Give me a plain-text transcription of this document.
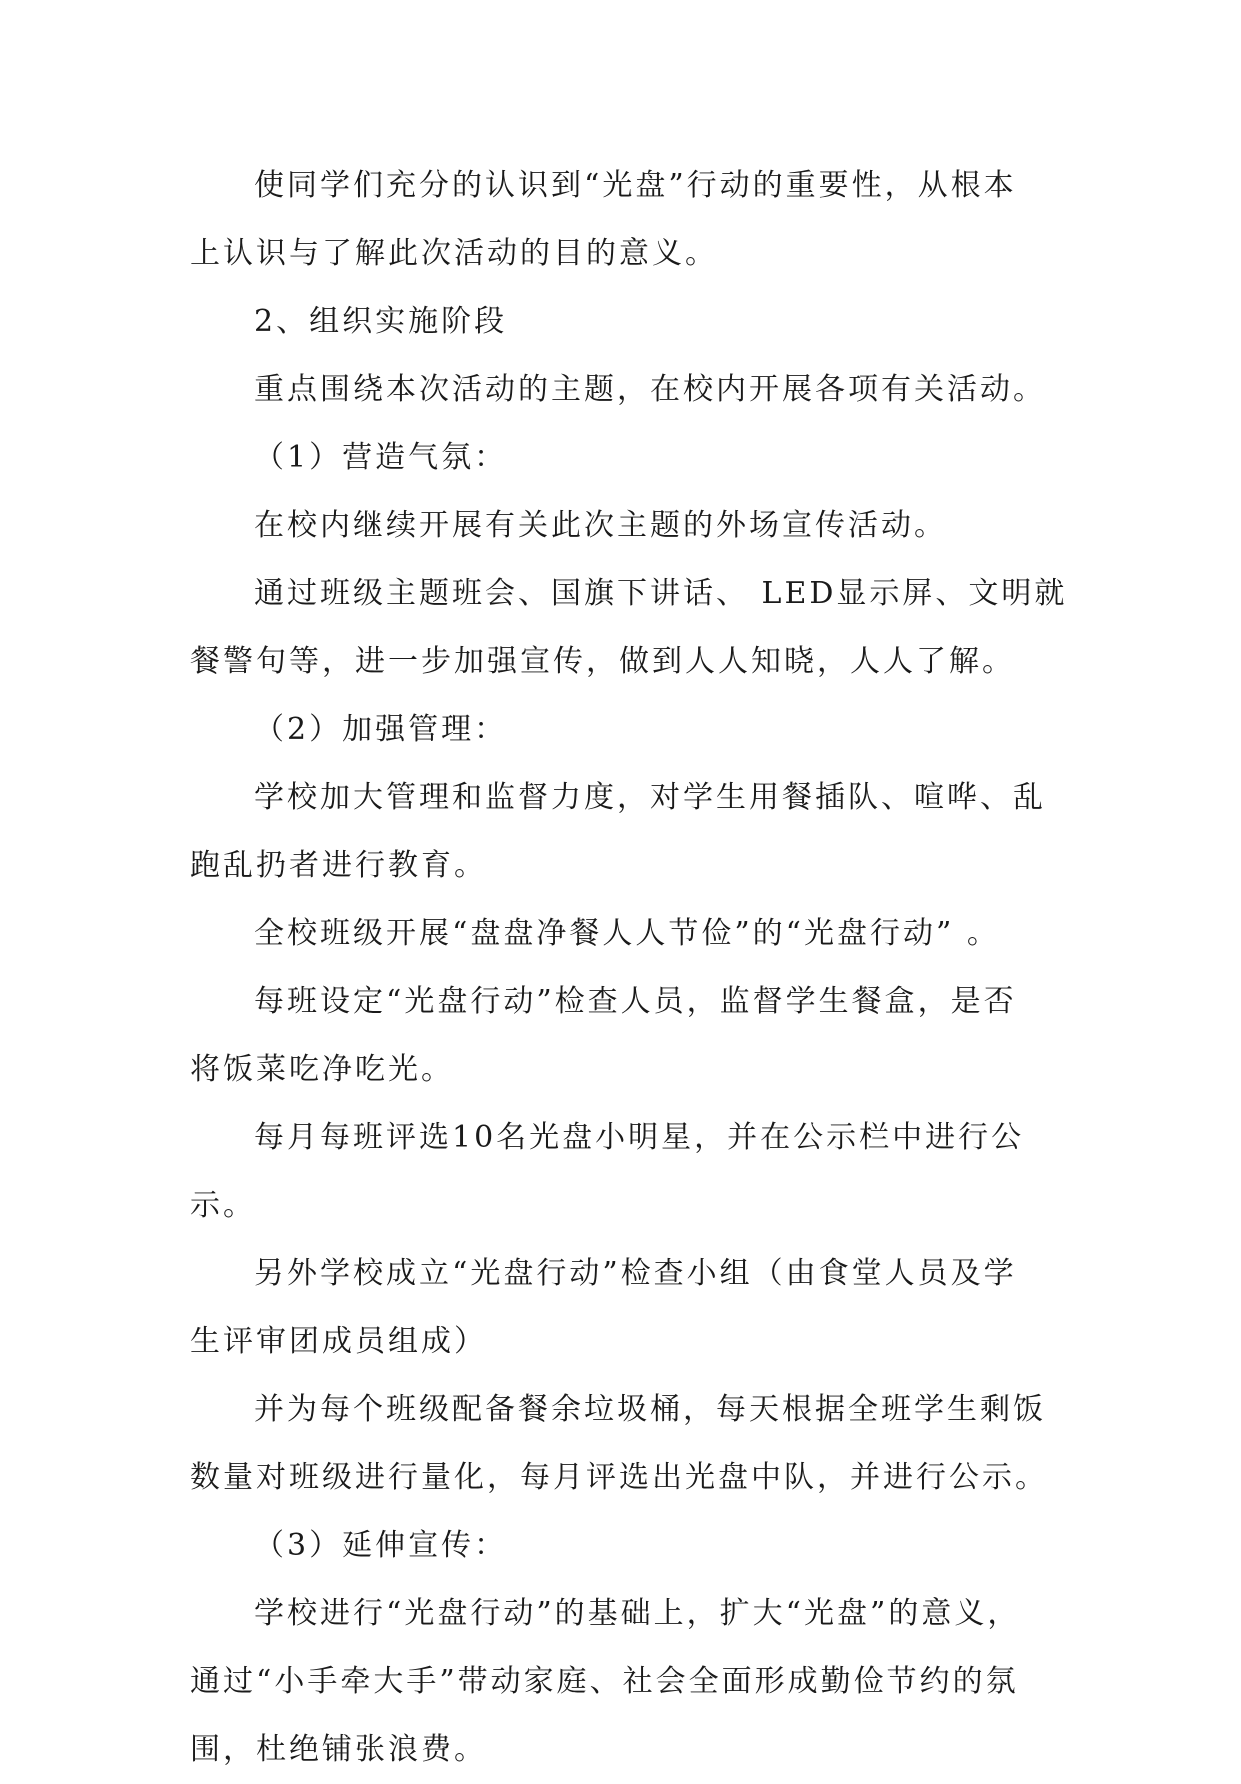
使同学们充分的认识到“光盘”行动的重要性，从根本
上认识与了解此次活动的目的意义。
2、组织实施阶段
重点围绕本次活动的主题，在校内开展各项有关活动。
（1）营造气氛：
在校内继续开展有关此次主题的外场宣传活动。
通过班级主题班会、国旗下讲话、 LED显示屏、文明就
餐警句等，进一步加强宣传，做到人人知晓，人人了解。
（2）加强管理：
学校加大管理和监督力度，对学生用餐插队、喧哗、乱
跑乱扔者进行教育。
全校班级开展“盘盘净餐人人节俭”的“光盘行动” 。
每班设定“光盘行动”检查人员，监督学生餐盒，是否
将饭菜吃净吃光。
每月每班评选10名光盘小明星，并在公示栏中进行公
示。
另外学校成立“光盘行动”检查小组（由食堂人员及学
生评审团成员组成）
并为每个班级配备餐余垃圾桶，每天根据全班学生剩饭
数量对班级进行量化，每月评选出光盘中队，并进行公示。
（3）延伸宣传：
学校进行“光盘行动”的基础上，扩大“光盘”的意义，
通过“小手牵大手”带动家庭、社会全面形成勤俭节约的氛
围，杜绝铺张浪费。
